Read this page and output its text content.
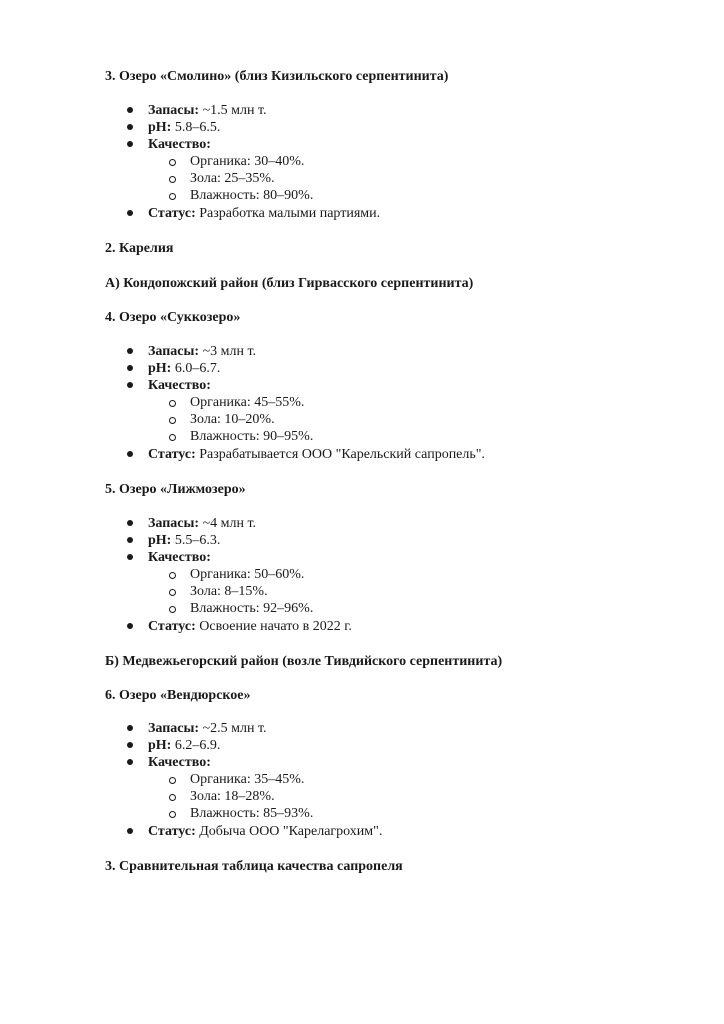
3. Озеро «Смолино» (близ Кизильского серпентинита)
Запасы: ~1.5 млн т.
pH: 5.8–6.5.
Качество:
Органика: 30–40%.
Зола: 25–35%.
Влажность: 80–90%.
Статус: Разработка малыми партиями.
2. Карелия
А) Кондопожский район (близ Гирвасского серпентинита)
4. Озеро «Суккозеро»
Запасы: ~3 млн т.
pH: 6.0–6.7.
Качество:
Органика: 45–55%.
Зола: 10–20%.
Влажность: 90–95%.
Статус: Разрабатывается ООО "Карельский сапропель".
5. Озеро «Лижмозеро»
Запасы: ~4 млн т.
pH: 5.5–6.3.
Качество:
Органика: 50–60%.
Зола: 8–15%.
Влажность: 92–96%.
Статус: Освоение начато в 2022 г.
Б) Медвежьегорский район (возле Тивдийского серпентинита)
6. Озеро «Вендюрское»
Запасы: ~2.5 млн т.
pH: 6.2–6.9.
Качество:
Органика: 35–45%.
Зола: 18–28%.
Влажность: 85–93%.
Статус: Добыча ООО "Карелагрохим".
3. Сравнительная таблица качества сапропеля
